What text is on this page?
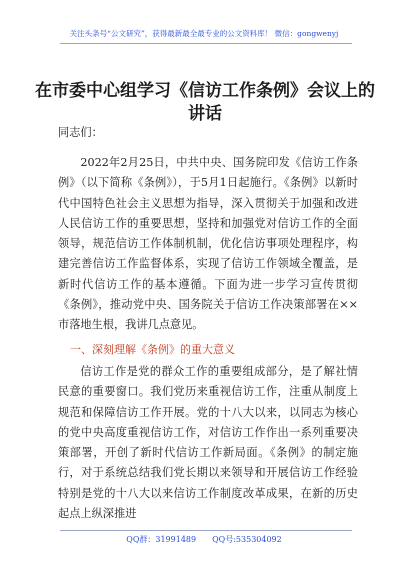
关注头条号“公文研究”，获得最新最全最专业的公文资料库！ 微信：gongwenyj
在市委中心组学习《信访工作条例》会议上的
讲话

同志们：

2022年2月25日，中共中央、国务院印发《信访工作条例》（以下简称《条例》），于5月1日起施行。《条例》以新时代中国特色社会主义思想为指导，深入贯彻关于加强和改进人民信访工作的重要思想，坚持和加强党对信访工作的全面领导，规范信访工作体制机制，优化信访事项处理程序，构建完善信访工作监督体系，实现了信访工作领域全覆盖，是新时代信访工作的基本遵循。下面为进一步学习宣传贯彻《条例》，推动党中央、国务院关于信访工作决策部署在××市落地生根，我讲几点意见。

一、深刻理解《条例》的重大意义

信访工作是党的群众工作的重要组成部分，是了解社情民意的重要窗口。我们党历来重视信访工作，注重从制度上规范和保障信访工作开展。党的十八大以来，以同志为核心的党中央高度重视信访工作，对信访工作作出一系列重要决策部署，开创了新时代信访工作新局面。《条例》的制定施行，对于系统总结我们党长期以来领导和开展信访工作经验特别是党的十八大以来信访工作制度改革成果，在新的历史起点上纵深推进

QQ群：31991489 QQ号:535304092
